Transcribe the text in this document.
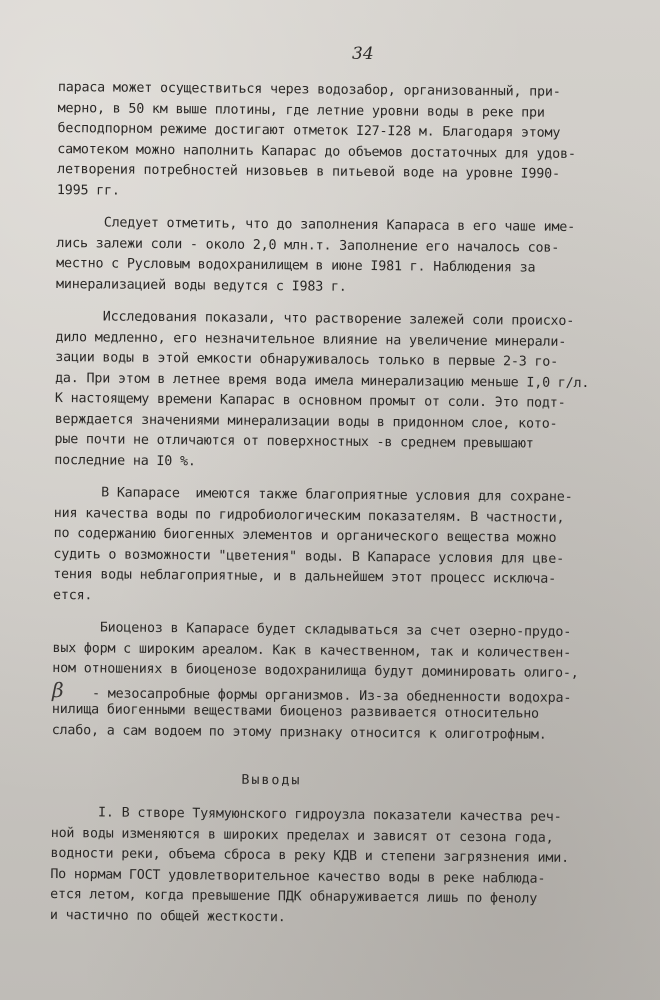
34
параса может осуществиться через водозабор, организованный, при-
мерно, в 50 км выше плотины, где летние уровни воды в реке при
бесподпорном режиме достигают отметок I27-I28 м. Благодаря этому
самотеком можно наполнить Капарас до объемов достаточных для удов-
летворения потребностей низовьев в питьевой воде на уровне I990-
1995 гг.
Следует отметить, что до заполнения Капараса в его чаше име-
лись залежи соли - около 2,0 млн.т. Заполнение его началось сов-
местно с Русловым водохранилищем в июне I981 г. Наблюдения за
минерализацией воды ведутся с I983 г.
Исследования показали, что растворение залежей соли происхо-
дило медленно, его незначительное влияние на увеличение минерали-
зации воды в этой емкости обнаруживалось только в первые 2-3 го-
да. При этом в летнее время вода имела минерализацию меньше I,0 г/л.
К настоящему времени Капарас в основном промыт от соли. Это подт-
верждается значениями минерализации воды в придонном слое, кото-
рые почти не отличаются от поверхностных -в среднем превышают
последние на I0 %.
В Капарасе  имеются также благоприятные условия для сохране-
ния качества воды по гидробиологическим показателям. В частности,
по содержанию биогенных элементов и органического вещества можно
судить о возможности "цветения" воды. В Капарасе условия для цве-
тения воды неблагоприятные, и в дальнейшем этот процесс исключа-
ется.
Биоценоз в Капарасе будет складываться за счет озерно-прудо-
вых форм с широким ареалом. Как в качественном, так и количествен-
ном отношениях в биоценозе водохранилища будут доминировать олиго-,
β - мезосапробные формы организмов. Из-за обедненности водохра-
нилища биогенными веществами биоценоз развивается относительно
слабо, а сам водоем по этому признаку относится к олиготрофным.
Выводы
I. В створе Туямуюнского гидроузла показатели качества реч-
ной воды изменяются в широких пределах и зависят от сезона года,
водности реки, объема сброса в реку КДВ и степени загрязнения ими.
По нормам ГОСТ удовлетворительное качество воды в реке наблюда-
ется летом, когда превышение ПДК обнаруживается лишь по фенолу
и частично по общей жесткости.
